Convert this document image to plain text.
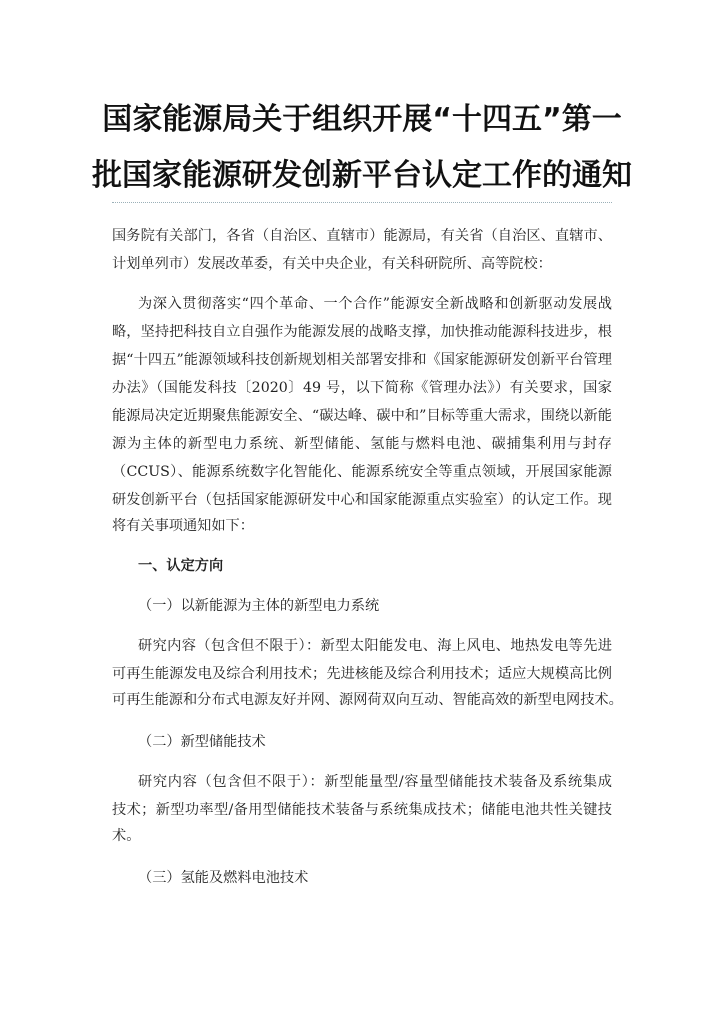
国家能源局关于组织开展“十四五”第一
批国家能源研发创新平台认定工作的通知
国务院有关部门，各省（自治区、直辖市）能源局，有关省（自治区、直辖市、
计划单列市）发展改革委，有关中央企业，有关科研院所、高等院校：
为深入贯彻落实“四个革命、一个合作”能源安全新战略和创新驱动发展战
略，坚持把科技自立自强作为能源发展的战略支撑，加快推动能源科技进步，根
据“十四五”能源领域科技创新规划相关部署安排和《国家能源研发创新平台管理
办法》（国能发科技〔2020〕49 号，以下简称《管理办法》）有关要求，国家
能源局决定近期聚焦能源安全、“碳达峰、碳中和”目标等重大需求，围绕以新能
源为主体的新型电力系统、新型储能、氢能与燃料电池、碳捕集利用与封存
（CCUS）、能源系统数字化智能化、能源系统安全等重点领域，开展国家能源
研发创新平台（包括国家能源研发中心和国家能源重点实验室）的认定工作。现
将有关事项通知如下：
一、认定方向
（一）以新能源为主体的新型电力系统
研究内容（包含但不限于）：新型太阳能发电、海上风电、地热发电等先进
可再生能源发电及综合利用技术；先进核能及综合利用技术；适应大规模高比例
可再生能源和分布式电源友好并网、源网荷双向互动、智能高效的新型电网技术。
（二）新型储能技术
研究内容（包含但不限于）：新型能量型/容量型储能技术装备及系统集成
技术；新型功率型/备用型储能技术装备与系统集成技术；储能电池共性关键技
术。
（三）氢能及燃料电池技术
